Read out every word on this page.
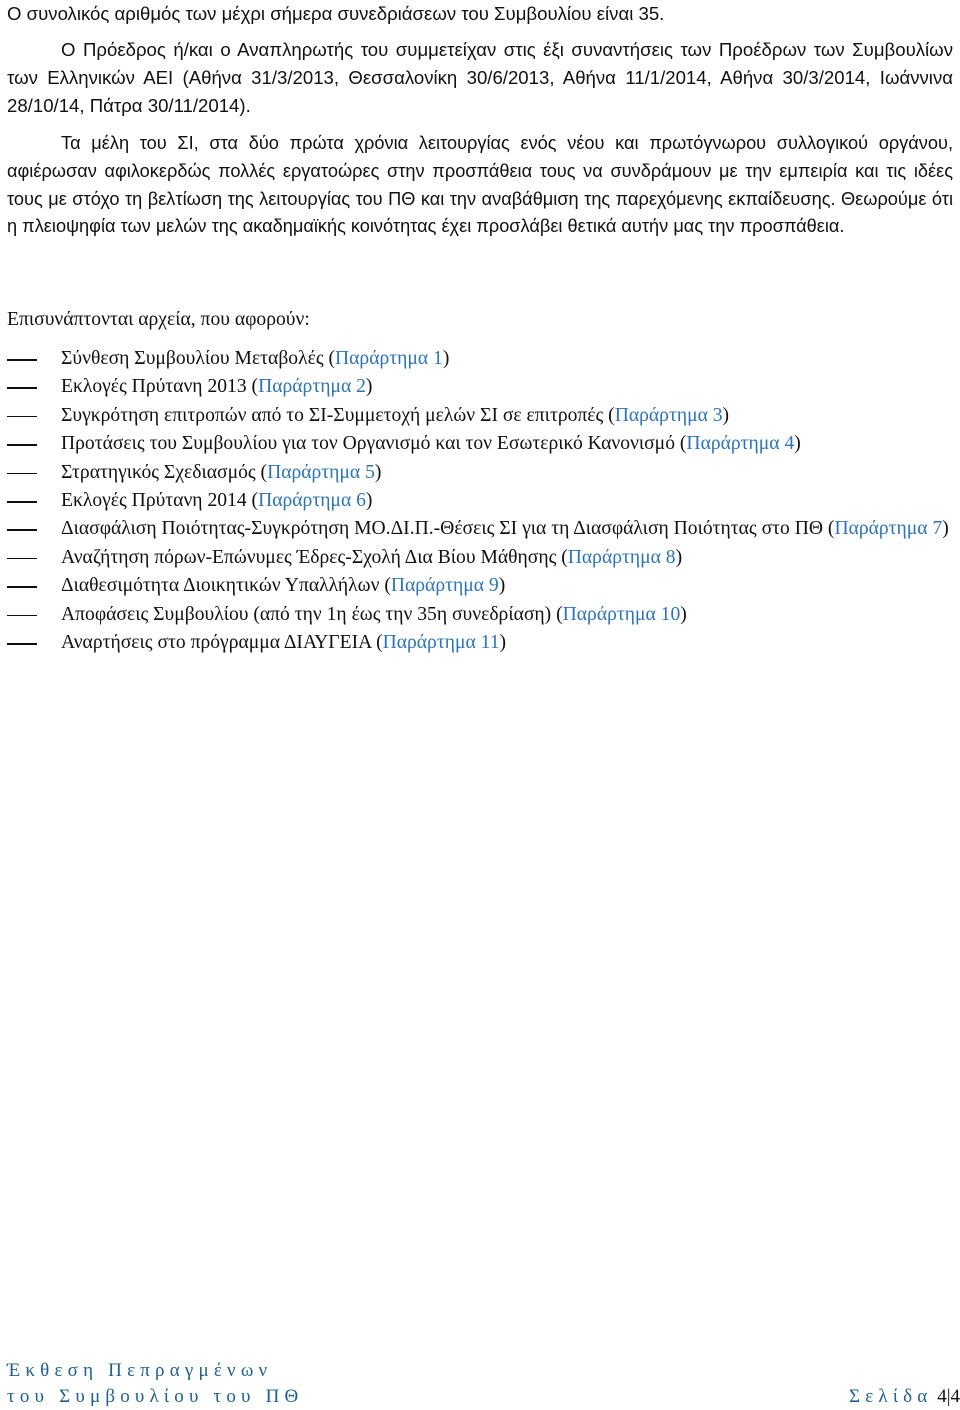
Ο συνολικός αριθμός των μέχρι σήμερα συνεδριάσεων του Συμβουλίου είναι 35.

Ο Πρόεδρος ή/και ο Αναπληρωτής του συμμετείχαν στις έξι συναντήσεις των Προέδρων των Συμβουλίων των Ελληνικών ΑΕΙ (Αθήνα 31/3/2013, Θεσσαλονίκη 30/6/2013, Αθήνα 11/1/2014, Αθήνα 30/3/2014, Ιωάννινα 28/10/14, Πάτρα 30/11/2014).

Τα μέλη του ΣΙ, στα δύο πρώτα χρόνια λειτουργίας ενός νέου και πρωτόγνωρου συλλογικού οργάνου, αφιέρωσαν αφιλοκερδώς πολλές εργατοώρες στην προσπάθεια τους να συνδράμουν με την εμπειρία και τις ιδέες τους με στόχο τη βελτίωση της λειτουργίας του ΠΘ και την αναβάθμιση της παρεχόμενης εκπαίδευσης. Θεωρούμε ότι η πλειοψηφία των μελών της ακαδημαϊκής κοινότητας έχει προσλάβει θετικά αυτήν μας την προσπάθεια.

Επισυνάπτονται αρχεία, που αφορούν:

Σύνθεση Συμβουλίου Μεταβολές (Παράρτημα 1)
Εκλογές Πρύτανη 2013 (Παράρτημα 2)
Συγκρότηση επιτροπών από το ΣΙ-Συμμετοχή μελών ΣΙ σε επιτροπές (Παράρτημα 3)
Προτάσεις του Συμβουλίου για τον Οργανισμό και τον Εσωτερικό Κανονισμό (Παράρτημα 4)
Στρατηγικός Σχεδιασμός (Παράρτημα 5)
Εκλογές Πρύτανη 2014 (Παράρτημα 6)
Διασφάλιση Ποιότητας-Συγκρότηση ΜΟ.ΔΙ.Π.-Θέσεις ΣΙ για τη Διασφάλιση Ποιότητας στο ΠΘ (Παράρτημα 7)
Αναζήτηση πόρων-Επώνυμες Έδρες-Σχολή Δια Βίου Μάθησης (Παράρτημα 8)
Διαθεσιμότητα Διοικητικών Υπαλλήλων (Παράρτημα 9)
Αποφάσεις Συμβουλίου (από την 1η έως την 35η συνεδρίαση) (Παράρτημα 10)
Αναρτήσεις στο πρόγραμμα ΔΙΑΥΓΕΙΑ (Παράρτημα 11)
Έκθεση Πεπραγμένων
του Συμβουλίου του ΠΘ	Σελίδα 4|4
